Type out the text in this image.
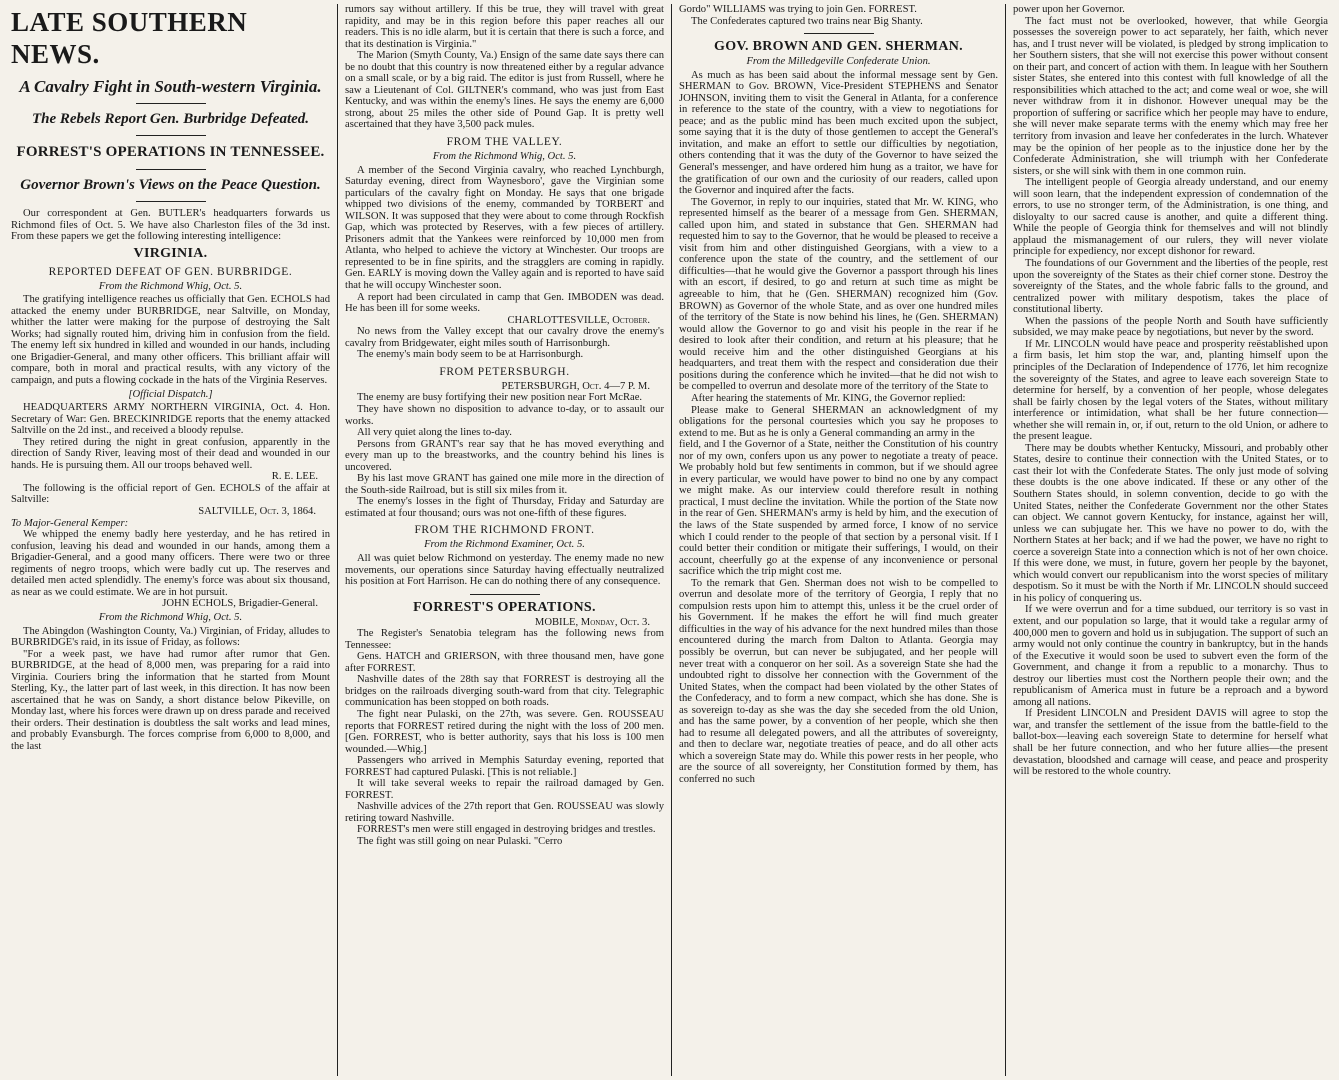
LATE SOUTHERN NEWS.
A Cavalry Fight in South-western Virginia.
The Rebels Report Gen. Burbridge Defeated.
FORREST'S OPERATIONS IN TENNESSEE.
Governor Brown's Views on the Peace Question.

Our correspondent at Gen. BUTLER's headquarters forwards us Richmond files of Oct. 5. We have also Charleston files of the 3d inst. From these papers we get the following interesting intelligence:

VIRGINIA.
REPORTED DEFEAT OF GEN. BURBRIDGE.
From the Richmond Whig, Oct. 5.

The gratifying intelligence reaches us officially that Gen. ECHOLS had attacked the enemy under BURBRIDGE, near Saltville, on Monday, whither the latter were making for the purpose of destroying the Salt Works; had signally routed him, driving him in confusion from the field. The enemy left six hundred in killed and wounded in our hands, including one Brigadier-General, and many other officers. This brilliant affair will compare, both in moral and practical results, with any victory of the campaign, and puts a flowing cockade in the hats of the Virginia Reserves.

[Official Dispatch.]

HEADQUARTERS ARMY NORTHERN VIRGINIA, Oct. 4. Hon. Secretary of War: Gen. BRECKINRIDGE reports that the enemy attacked Saltville on the 2d inst., and received a bloody repulse.

They retired during the night in great confusion, apparently in the direction of Sandy River, leaving most of their dead and wounded in our hands. He is pursuing them. All our troops behaved well.

R. E. LEE.

The following is the official report of Gen. ECHOLS of the affair at Saltville:

SALTVILLE, Oct. 3, 1864.

To Major-General Kemper:

We whipped the enemy badly here yesterday, and he has retired in confusion, leaving his dead and wounded in our hands, among them a Brigadier-General, and a good many officers. There were two or three regiments of negro troops, which were badly cut up. The reserves and detailed men acted splendidly. The enemy's force was about six thousand, as near as we could estimate. We are in hot pursuit.

JOHN ECHOLS, Brigadier-General.
From the Richmond Whig, Oct. 5.

The Abingdon (Washington County, Va.) Virginian, of Friday, alludes to BURBRIDGE's raid, in its issue of Friday, as follows:

"For a week past, we have had rumor after rumor that Gen. BURBRIDGE, at the head of 8,000 men, was preparing for a raid into Virginia. Couriers bring the information that he started from Mount Sterling, Ky., the latter part of last week, in this direction. It has now been ascertained that he was on Sandy, a short distance below Pikeville, on Monday last, where his forces were drawn up on dress parade and received their orders. Their destination is doubtless the salt works and lead mines, and probably Evansburgh. The forces comprise from 6,000 to 8,000, and the last

rumors say without artillery. If this be true, they will travel with great rapidity, and may be in this region before this paper reaches all our readers. This is no idle alarm, but it is certain that there is such a force, and that its destination is Virginia."

The Marion (Smyth County, Va.) Ensign of the same date says there can be no doubt that this country is now threatened either by a regular advance on a small scale, or by a big raid. The editor is just from Russell, where he saw a Lieutenant of Col. GILTNER's command, who was just from East Kentucky, and was within the enemy's lines. He says the enemy are 6,000 strong, about 25 miles the other side of Pound Gap. It is pretty well ascertained that they have 3,500 pack mules.

FROM THE VALLEY.
From the Richmond Whig, Oct. 5.

A member of the Second Virginia cavalry, who reached Lynchburgh, Saturday evening, direct from Waynesboro', gave the Virginian some particulars of the cavalry fight on Monday. He says that one brigade whipped two divisions of the enemy, commanded by TORBERT and WILSON. It was supposed that they were about to come through Rockfish Gap, which was protected by Reserves, with a few pieces of artillery. Prisoners admit that the Yankees were reinforced by 10,000 men from Atlanta, who helped to achieve the victory at Winchester. Our troops are represented to be in fine spirits, and the stragglers are coming in rapidly. Gen. EARLY is moving down the Valley again and is reported to have said that he will occupy Winchester soon.

A report had been circulated in camp that Gen. IMBODEN was dead. He has been ill for some weeks.

CHARLOTTESVILLE, October.

No news from the Valley except that our cavalry drove the enemy's cavalry from Bridgewater, eight miles south of Harrisonburgh.

The enemy's main body seem to be at Harrisonburgh.

FROM PETERSBURGH.
PETERSBURGH, Oct. 4—7 P. M.

The enemy are busy fortifying their new position near Fort McRae.

They have shown no disposition to advance to-day, or to assault our works.

All very quiet along the lines to-day.

Persons from GRANT's rear say that he has moved everything and every man up to the breastworks, and the country behind his lines is uncovered.

By his last move GRANT has gained one mile more in the direction of the South-side Railroad, but is still six miles from it.

The enemy's losses in the fight of Thursday, Friday and Saturday are estimated at four thousand; ours was not one-fifth of these figures.

FROM THE RICHMOND FRONT.
From the Richmond Examiner, Oct. 5.

All was quiet below Richmond on yesterday. The enemy made no new movements, our operations since Saturday having effectually neutralized his position at Fort Harrison. He can do nothing there of any consequence.

FORREST'S OPERATIONS.
MOBILE, Monday, Oct. 3.

The Register's Senatobia telegram has the following news from Tennessee:

Gens. HATCH and GRIERSON, with three thousand men, have gone after FORREST.

Nashville dates of the 28th say that FORREST is destroying all the bridges on the railroads diverging south-ward from that city. Telegraphic communication has been stopped on both roads.

The fight near Pulaski, on the 27th, was severe. Gen. ROUSSEAU reports that FORREST retired during the night with the loss of 200 men. [Gen. FORREST, who is better authority, says that his loss is 100 men wounded.—Whig.]

Passengers who arrived in Memphis Saturday evening, reported that FORREST had captured Pulaski. [This is not reliable.]

It will take several weeks to repair the railroad damaged by Gen. FORREST.

Nashville advices of the 27th report that Gen. ROUSSEAU was slowly retiring toward Nashville.

FORREST's men were still engaged in destroying bridges and trestles.

The fight was still going on near Pulaski. "Cerro

Gordo" WILLIAMS was trying to join Gen. FORREST.

The Confederates captured two trains near Big Shanty.

GOV. BROWN AND GEN. SHERMAN.
From the Milledgeville Confederate Union.

As much as has been said about the informal message sent by Gen. SHERMAN to Gov. BROWN, Vice-President STEPHENS and Senator JOHNSON, inviting them to visit the General in Atlanta, for a conference in reference to the state of the country, with a view to negotiations for peace; and as the public mind has been much excited upon the subject, some saying that it is the duty of those gentlemen to accept the General's invitation, and make an effort to settle our difficulties by negotiation, others contending that it was the duty of the Governor to have seized the General's messenger, and have ordered him hung as a traitor, we have for the gratification of our own and the curiosity of our readers, called upon the Governor and inquired after the facts.

The Governor, in reply to our inquiries, stated that Mr. W. KING, who represented himself as the bearer of a message from Gen. SHERMAN, called upon him, and stated in substance that Gen. SHERMAN had requested him to say to the Governor, that he would be pleased to receive a visit from him and other distinguished Georgians, with a view to a conference upon the state of the country, and the settlement of our difficulties—that he would give the Governor a passport through his lines with an escort, if desired, to go and return at such time as might be agreeable to him, that he (Gen. SHERMAN) recognized him (Gov. BROWN) as Governor of the whole State, and as over one hundred miles of the territory of the State is now behind his lines, he (Gen. SHERMAN) would allow the Governor to go and visit his people in the rear if he desired to look after their condition, and return at his pleasure; that he would receive him and the other distinguished Georgians at his headquarters, and treat them with the respect and consideration due their positions during the conference which he invited—that he did not wish to be compelled to overrun and desolate more of the territory of the State to

After hearing the statements of Mr. KING, the Governor replied:

Please make to General SHERMAN an acknowledgment of my obligations for the personal courtesies which you say he proposes to extend to me. But as he is only a General commanding an army in the

field, and I the Governor of a State, neither the Constitution of his country nor of my own, confers upon us any power to negotiate a treaty of peace. We probably hold but few sentiments in common, but if we should agree in every particular, we would have power to bind no one by any compact we might make. As our interview could therefore result in nothing practical, I must decline the invitation. While the portion of the State now in the rear of Gen. SHERMAN's army is held by him, and the execution of the laws of the State suspended by armed force, I know of no service which I could render to the people of that section by a personal visit. If I could better their condition or mitigate their sufferings, I would, on their account, cheerfully go at the expense of any inconvenience or personal sacrifice which the trip might cost me.

To the remark that Gen. Sherman does not wish to be compelled to overrun and desolate more of the territory of Georgia, I reply that no compulsion rests upon him to attempt this, unless it be the cruel order of his Government. If he makes the effort he will find much greater difficulties in the way of his advance for the next hundred miles than those encountered during the march from Dalton to Atlanta. Georgia may possibly be overrun, but can never be subjugated, and her people will never treat with a conqueror on her soil. As a sovereign State she had the undoubted right to dissolve her connection with the Government of the United States, when the compact had been violated by the other States of the Confederacy, and to form a new compact, which she has done. She is as sovereign to-day as she was the day she seceded from the old Union, and has the same power, by a convention of her people, which she then had to resume all delegated powers, and all the attributes of sovereignty, and then to declare war, negotiate treaties of peace, and do all other acts which a sovereign State may do. While this power rests in her people, who are the source of all sovereignty, her Constitution formed by them, has conferred no such

power upon her Governor.

The fact must not be overlooked, however, that while Georgia possesses the sovereign power to act separately, her faith, which never has, and I trust never will be violated, is pledged by strong implication to her Southern sisters, that she will not exercise this power without consent on their part, and concert of action with them. In league with her Southern sister States, she entered into this contest with full knowledge of all the responsibilities which attached to the act; and come weal or woe, she will never withdraw from it in dishonor. However unequal may be the proportion of suffering or sacrifice which her people may have to endure, she will never make separate terms with the enemy which may free her territory from invasion and leave her confederates in the lurch. Whatever may be the opinion of her people as to the injustice done her by the Confederate Administration, she will triumph with her Confederate sisters, or she will sink with them in one common ruin.

The intelligent people of Georgia already understand, and our enemy will soon learn, that the independent expression of condemnation of the errors, to use no stronger term, of the Administration, is one thing, and disloyalty to our sacred cause is another, and quite a different thing. While the people of Georgia think for themselves and will not blindly applaud the mismanagement of our rulers, they will never violate principle for expediency, nor except dishonor for reward.

The foundations of our Government and the liberties of the people, rest upon the sovereignty of the States as their chief corner stone. Destroy the sovereignty of the States, and the whole fabric falls to the ground, and centralized power with military despotism, takes the place of constitutional liberty.

When the passions of the people North and South have sufficiently subsided, we may make peace by negotiations, but never by the sword.

If Mr. LINCOLN would have peace and prosperity reëstablished upon a firm basis, let him stop the war, and, planting himself upon the principles of the Declaration of Independence of 1776, let him recognize the sovereignty of the States, and agree to leave each sovereign State to determine for herself, by a convention of her people, whose delegates shall be fairly chosen by the legal voters of the States, without military interference or intimidation, what shall be her future connection—whether she will remain in, or, if out, return to the old Union, or adhere to the present league.

There may be doubts whether Kentucky, Missouri, and probably other States, desire to continue their connection with the United States, or to cast their lot with the Confederate States. The only just mode of solving these doubts is the one above indicated. If these or any other of the Southern States should, in solemn convention, decide to go with the United States, neither the Confederate Government nor the other States can object. We cannot govern Kentucky, for instance, against her will, unless we can subjugate her. This we have no power to do, with the Northern States at her back; and if we had the power, we have no right to coerce a sovereign State into a connection which is not of her own choice. If this were done, we must, in future, govern her people by the bayonet, which would convert our republicanism into the worst species of military despotism. So it must be with the North if Mr. LINCOLN should succeed in his policy of conquering us.

If we were overrun and for a time subdued, our territory is so vast in extent, and our population so large, that it would take a regular army of 400,000 men to govern and hold us in subjugation. The support of such an army would not only continue the country in bankruptcy, but in the hands of the Executive it would soon be used to subvert even the form of the Government, and change it from a republic to a monarchy. Thus to destroy our liberties must cost the Northern people their own; and the republicanism of America must in future be a reproach and a byword among all nations.

If President LINCOLN and President DAVIS will agree to stop the war, and transfer the settlement of the issue from the battle-field to the ballot-box—leaving each sovereign State to determine for herself what shall be her future connection, and who her future allies—the present devastation, bloodshed and carnage will cease, and peace and prosperity will be restored to the whole country.
